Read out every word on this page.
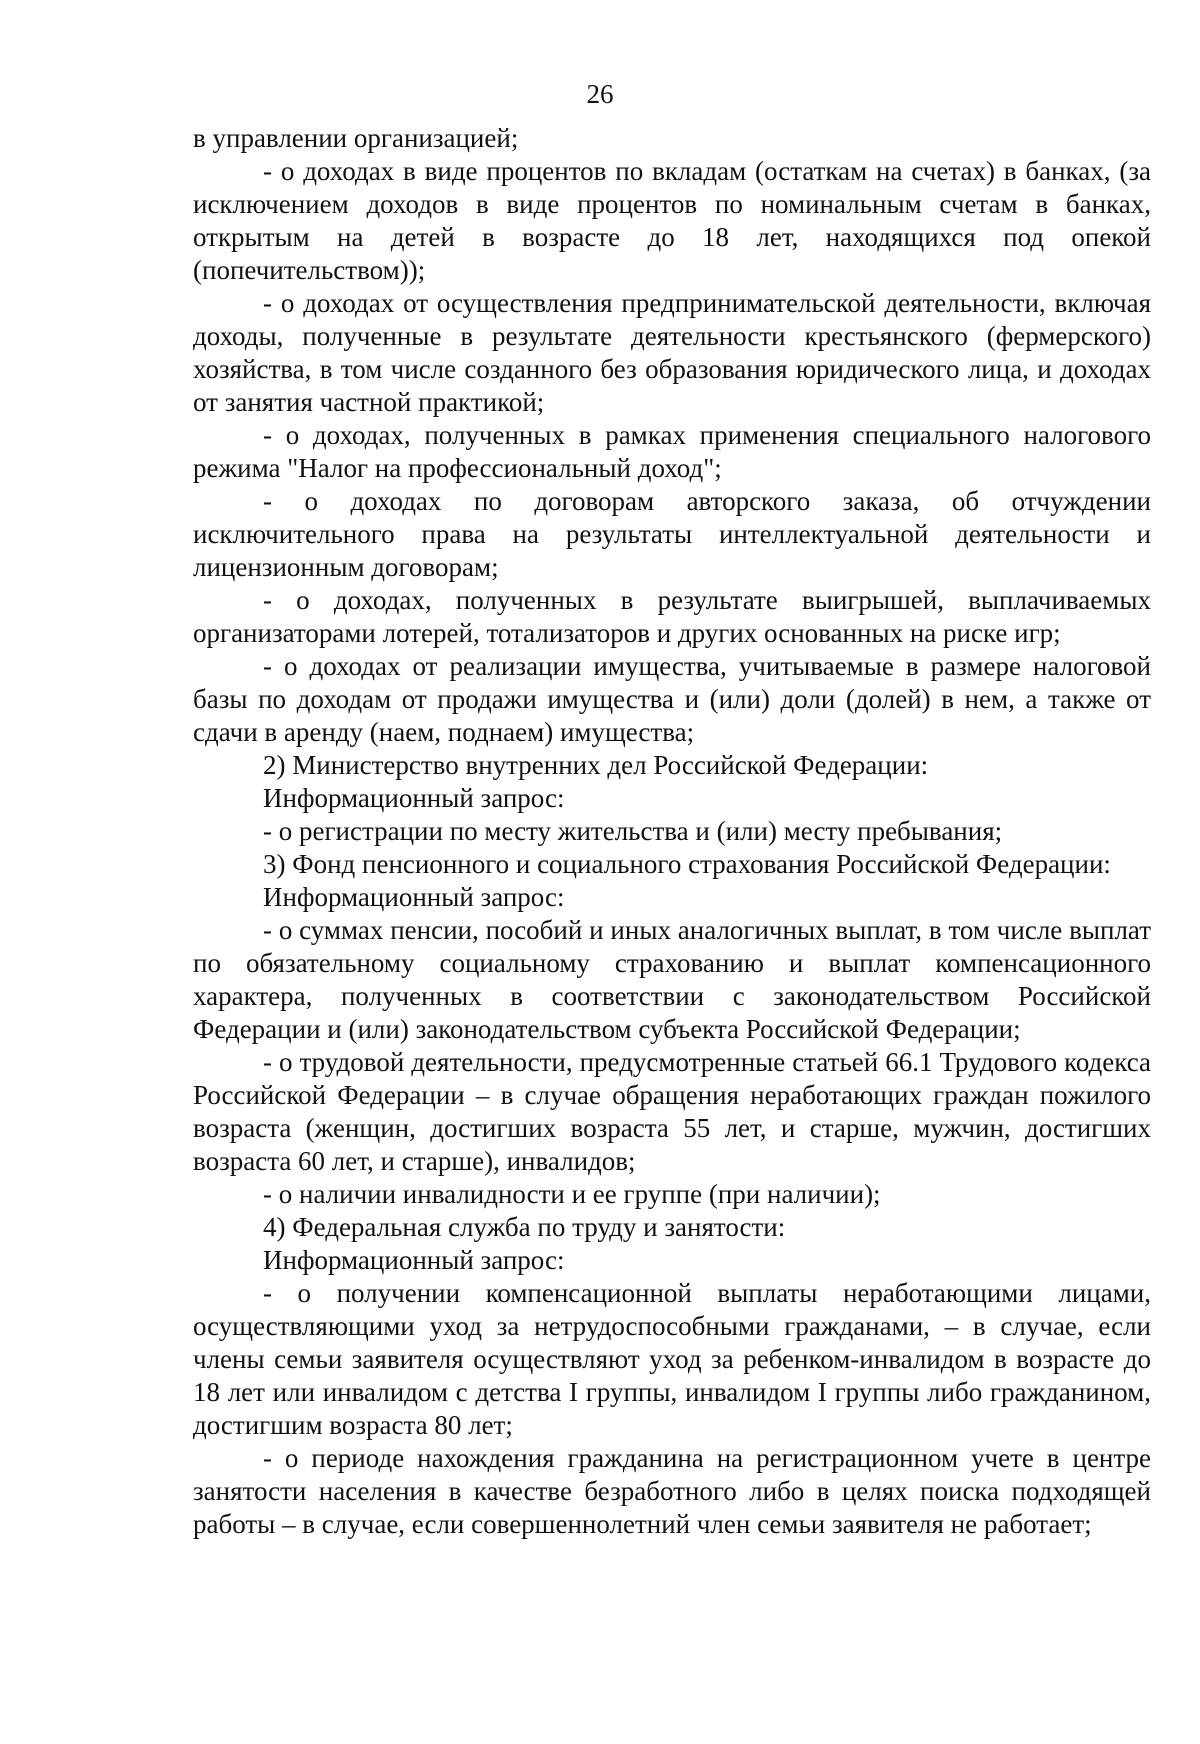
26

в управлении организацией;

- о доходах в виде процентов по вкладам (остаткам на счетах) в банках, (за исключением доходов в виде процентов по номинальным счетам в банках, открытым на детей в возрасте до 18 лет, находящихся под опекой (попечительством));

- о доходах от осуществления предпринимательской деятельности, включая доходы, полученные в результате деятельности крестьянского (фермерского) хозяйства, в том числе созданного без образования юридического лица, и доходах от занятия частной практикой;

- о доходах, полученных в рамках применения специального налогового режима "Налог на профессиональный доход";

- о доходах по договорам авторского заказа, об отчуждении исключительного права на результаты интеллектуальной деятельности и лицензионным договорам;

- о доходах, полученных в результате выигрышей, выплачиваемых организаторами лотерей, тотализаторов и других основанных на риске игр;

- о доходах от реализации имущества, учитываемые в размере налоговой базы по доходам от продажи имущества и (или) доли (долей) в нем, а также от сдачи в аренду (наем, поднаем) имущества;

2) Министерство внутренних дел Российской Федерации:

Информационный запрос:

- о регистрации по месту жительства и (или) месту пребывания;

3) Фонд пенсионного и социального страхования Российской Федерации:

Информационный запрос:

- о суммах пенсии, пособий и иных аналогичных выплат, в том числе выплат по обязательному социальному страхованию и выплат компенсационного характера, полученных в соответствии с законодательством Российской Федерации и (или) законодательством субъекта Российской Федерации;

- о трудовой деятельности, предусмотренные статьей 66.1 Трудового кодекса Российской Федерации – в случае обращения неработающих граждан пожилого возраста (женщин, достигших возраста 55 лет, и старше, мужчин, достигших возраста 60 лет, и старше), инвалидов;

- о наличии инвалидности и ее группе (при наличии);

4) Федеральная служба по труду и занятости:

Информационный запрос:

- о получении компенсационной выплаты неработающими лицами, осуществляющими уход за нетрудоспособными гражданами, – в случае, если члены семьи заявителя осуществляют уход за ребенком-инвалидом в возрасте до 18 лет или инвалидом с детства I группы, инвалидом I группы либо гражданином, достигшим возраста 80 лет;

- о периоде нахождения гражданина на регистрационном учете в центре занятости населения в качестве безработного либо в целях поиска подходящей работы – в случае, если совершеннолетний член семьи заявителя не работает;
